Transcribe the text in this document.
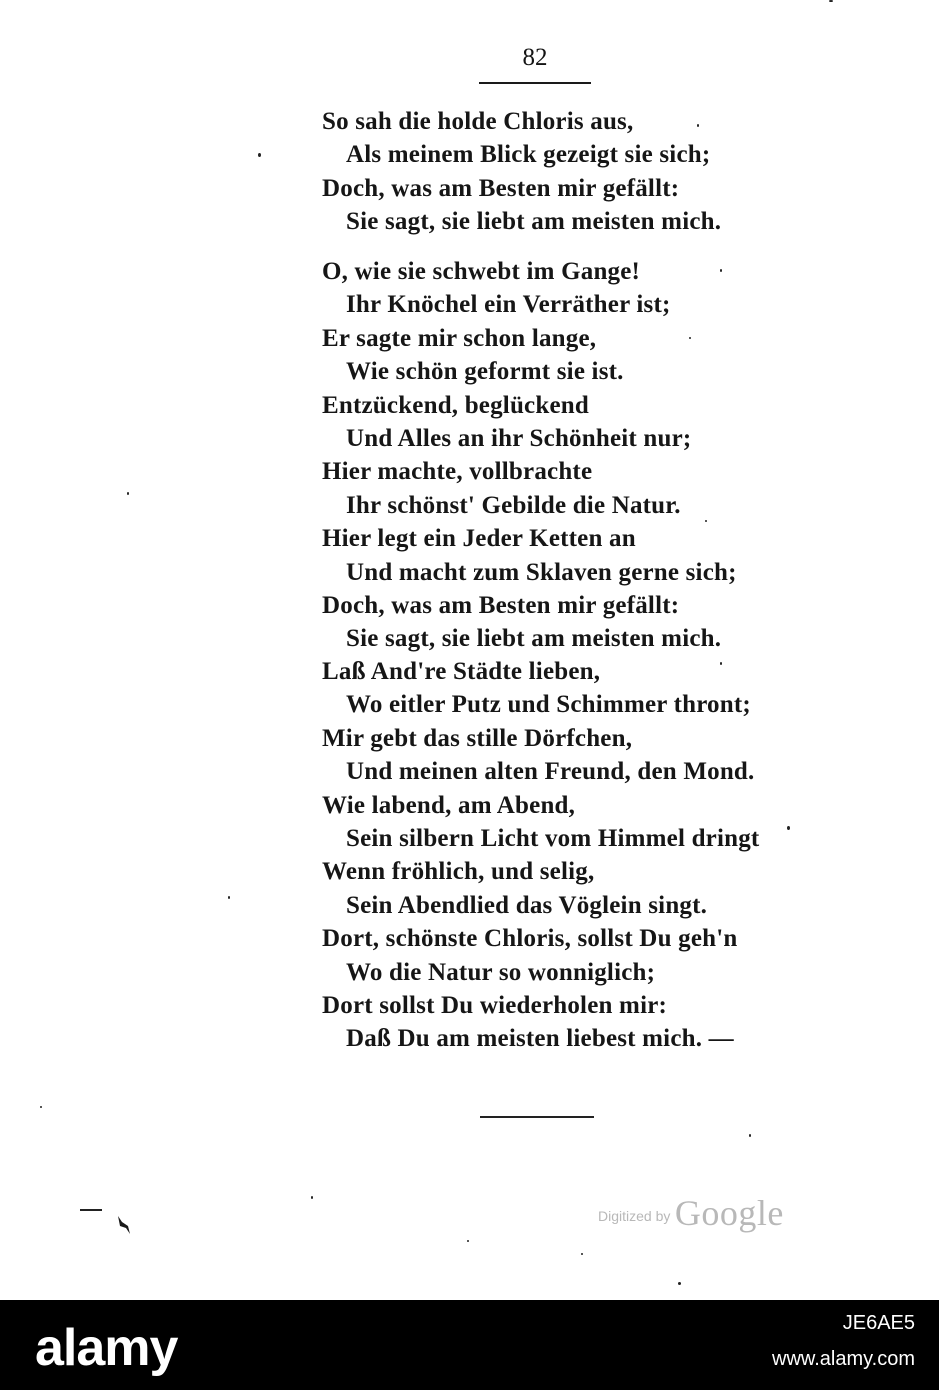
82
So sah die holde Chloris aus,
Als meinem Blick gezeigt sie sich;
Doch, was am Besten mir gefällt:
Sie sagt, sie liebt am meisten mich.
O, wie sie schwebt im Gange!
Ihr Knöchel ein Verräther ist;
Er sagte mir schon lange,
Wie schön geformt sie ist.
Entzückend, beglückend
Und Alles an ihr Schönheit nur;
Hier machte, vollbrachte
Ihr schönst' Gebilde die Natur.
Hier legt ein Jeder Ketten an
Und macht zum Sklaven gerne sich;
Doch, was am Besten mir gefällt:
Sie sagt, sie liebt am meisten mich.
Laß And're Städte lieben,
Wo eitler Putz und Schimmer thront;
Mir gebt das stille Dörfchen,
Und meinen alten Freund, den Mond.
Wie labend, am Abend,
Sein silbern Licht vom Himmel dringt
Wenn fröhlich, und selig,
Sein Abendlied das Vöglein singt.
Dort, schönste Chloris, sollst Du geh'n
Wo die Natur so wonniglich;
Dort sollst Du wiederholen mir:
Daß Du am meisten liebest mich. —
Digitized by Google
alamy	JE6AE5
www.alamy.com
